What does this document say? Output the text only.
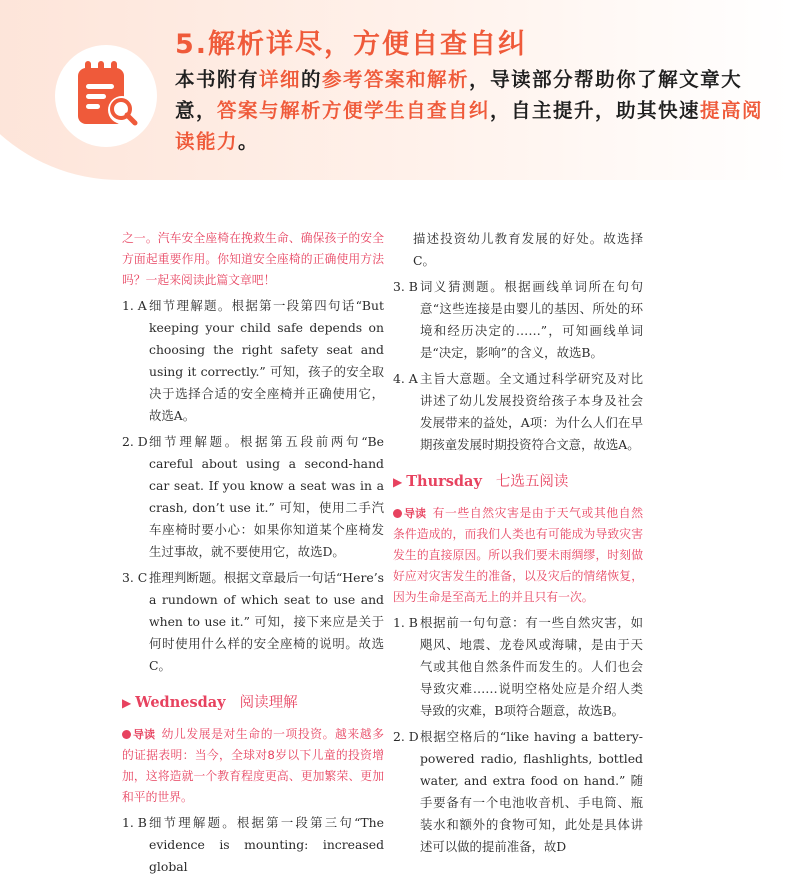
5.解析详尽，方便自查自纠
本书附有详细的参考答案和解析，导读部分帮助你了解文章大意，答案与解析方便学生自查自纠，自主提升，助其快速提高阅读能力。
之一。汽车安全座椅在挽救生命、确保孩子的安全方面起重要作用。你知道安全座椅的正确使用方法吗？一起来阅读此篇文章吧！
1. A 细节理解题。根据第一段第四句话“But keeping your child safe depends on choosing the right safety seat and using it correctly.” 可知，孩子的安全取决于选择合适的安全座椅并正确使用它，故选A。
2. D 细节理解题。根据第五段前两句“Be careful about using a second-hand car seat. If you know a seat was in a crash, don’t use it.” 可知，使用二手汽车座椅时要小心：如果你知道某个座椅发生过事故，就不要使用它，故选D。
3. C 推理判断题。根据文章最后一句话“Here’s a rundown of which seat to use and when to use it.” 可知，接下来应是关于何时使用什么样的安全座椅的说明。故选C。
▶ Wednesday 阅读理解
导读 幼儿发展是对生命的一项投资。越来越多的证据表明：当今，全球对8岁以下儿童的投资增加，这将造就一个教育程度更高、更加繁荣、更加和平的世界。
1. B 细节理解题。根据第一段第三句“The evidence is mounting: increased global
描述投资幼儿教育发展的好处。故选择C。
3. B 词义猜测题。根据画线单词所在句句意“这些连接是由婴儿的基因、所处的环境和经历决定的……”，可知画线单词是“决定，影响”的含义，故选B。
4. A 主旨大意题。全文通过科学研究及对比讲述了幼儿发展投资给孩子本身及社会发展带来的益处，A项：为什么人们在早期孩童发展时期投资符合文意，故选A。
▶ Thursday 七选五阅读
导读 有一些自然灾害是由于天气或其他自然条件造成的，而我们人类也有可能成为导致灾害发生的直接原因。所以我们要未雨绸缪，时刻做好应对灾害发生的准备，以及灾后的情绪恢复，因为生命是至高无上的并且只有一次。
1. B 根据前一句句意：有一些自然灾害，如飓风、地震、龙卷风或海啸，是由于天气或其他自然条件而发生的。人们也会导致灾难……说明空格处应是介绍人类导致的灾难，B项符合题意，故选B。
2. D 根据空格后的“like having a battery-powered radio, flashlights, bottled water, and extra food on hand.” 随手要备有一个电池收音机、手电筒、瓶装水和额外的食物可知，此处是具体讲述可以做的提前准备，故D
